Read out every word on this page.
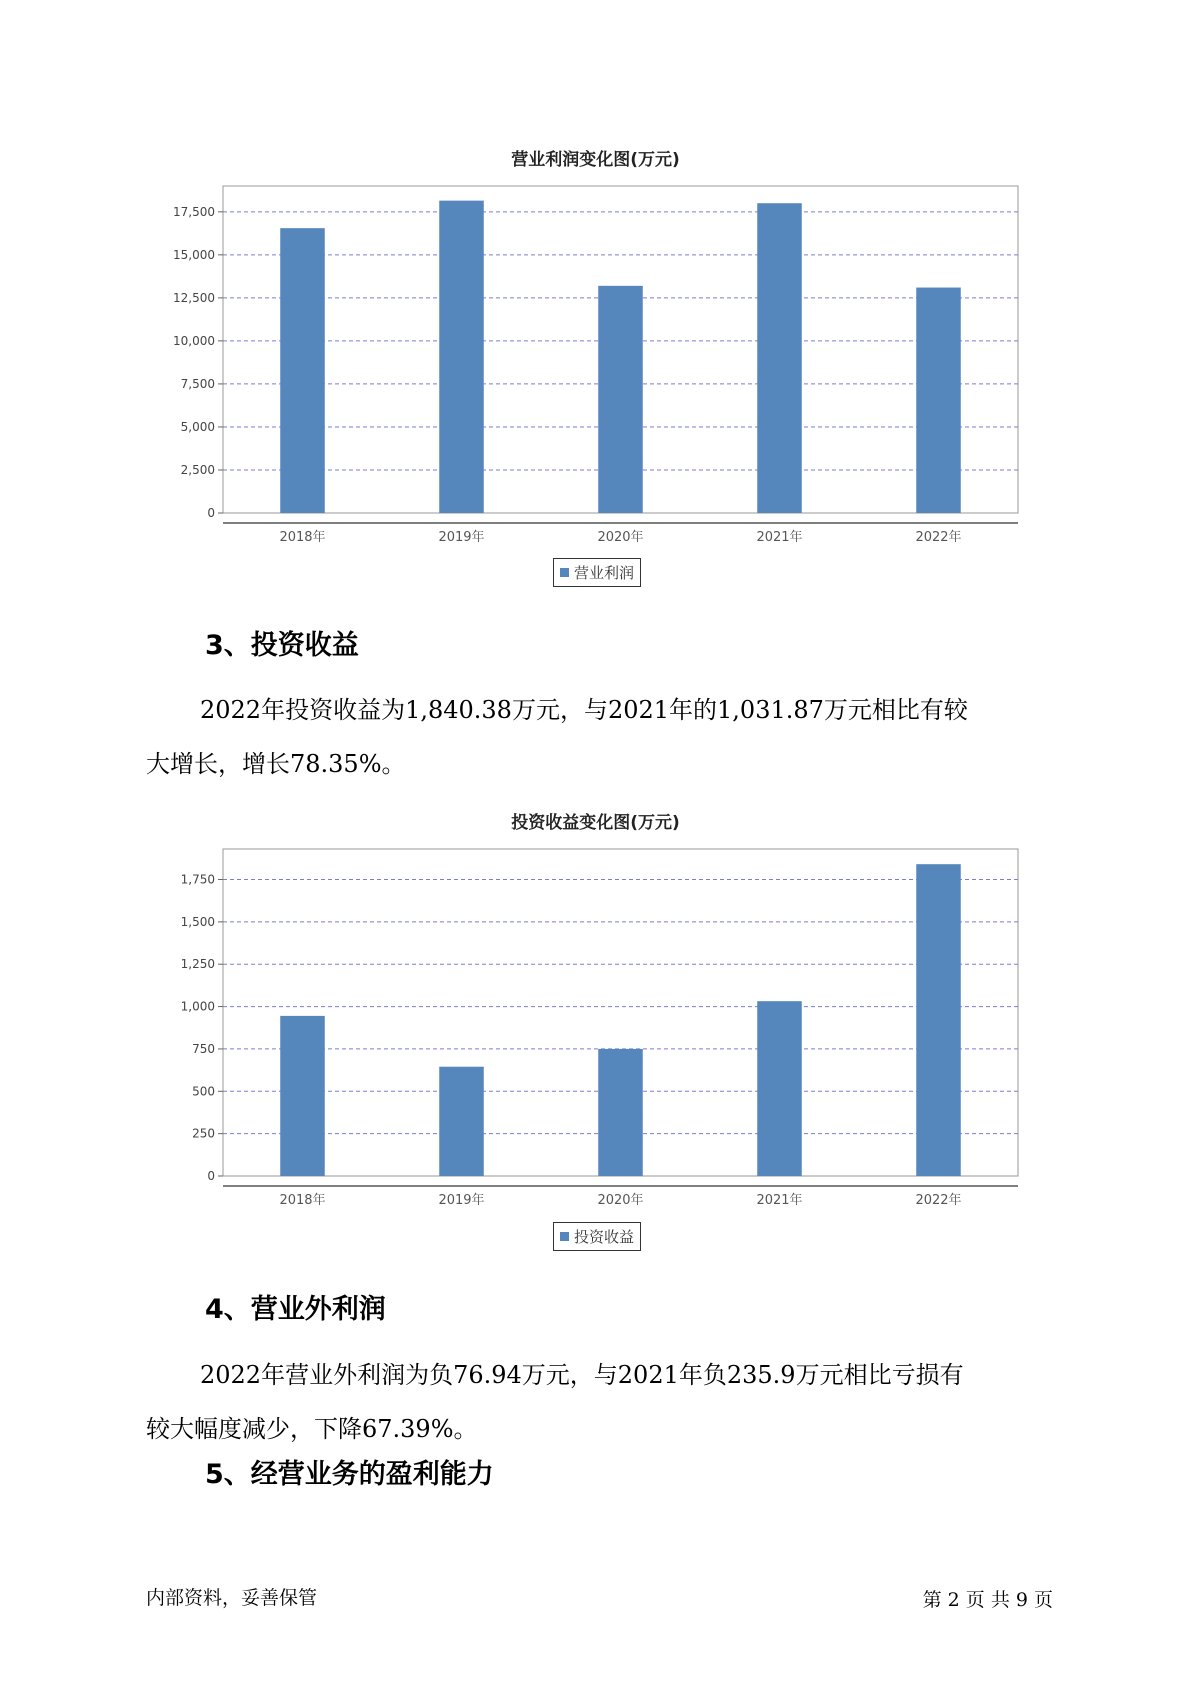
营业利润变化图(万元)
0
2,500
5,000
7,500
10,000
12,500
15,000
17,500
2018年	2019年	2020年	2021年	2022年
营业利润
3、投资收益
2022年投资收益为1,840.38万元，与2021年的1,031.87万元相比有较
大增长，增长78.35%。
投资收益变化图(万元)
0
250
500
750
1,000
1,250
1,500
1,750
2018年	2019年	2020年	2021年	2022年
投资收益
4、营业外利润
2022年营业外利润为负76.94万元，与2021年负235.9万元相比亏损有
较大幅度减少，下降67.39%。
5、经营业务的盈利能力
内部资料，妥善保管	第 2 页 共 9 页
